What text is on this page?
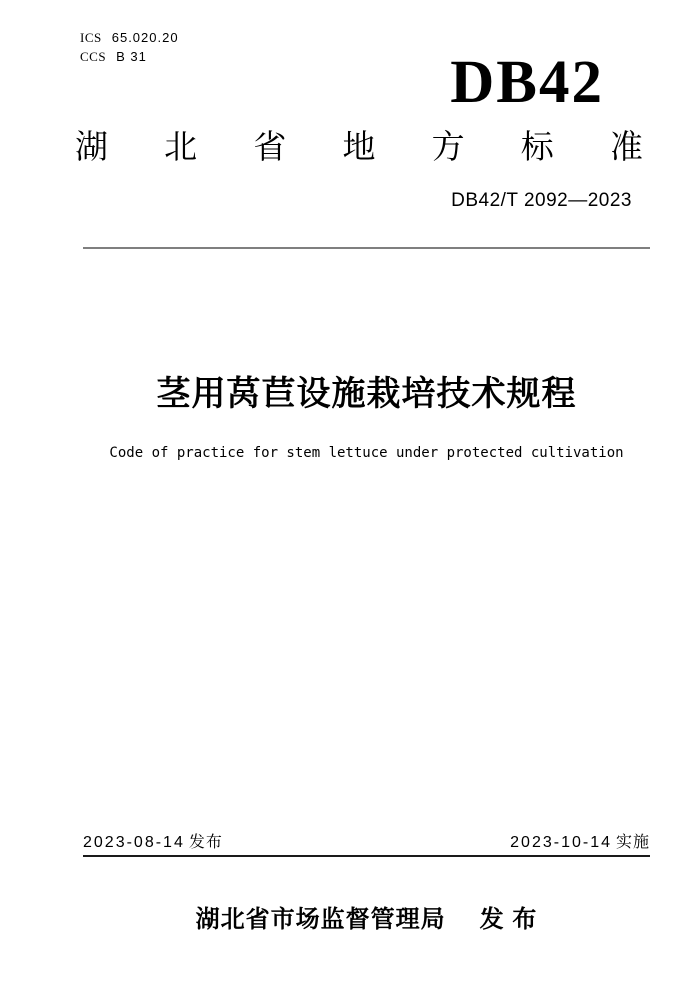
ICS 65.020.20
CCS B 31	DB42
湖 北 省 地 方 标 准
DB42/T 2092—2023
茎用莴苣设施栽培技术规程
Code of practice for stem lettuce under protected cultivation
2023-08-14 发布	2023-10-14 实施
湖北省市场监督管理局 发 布
